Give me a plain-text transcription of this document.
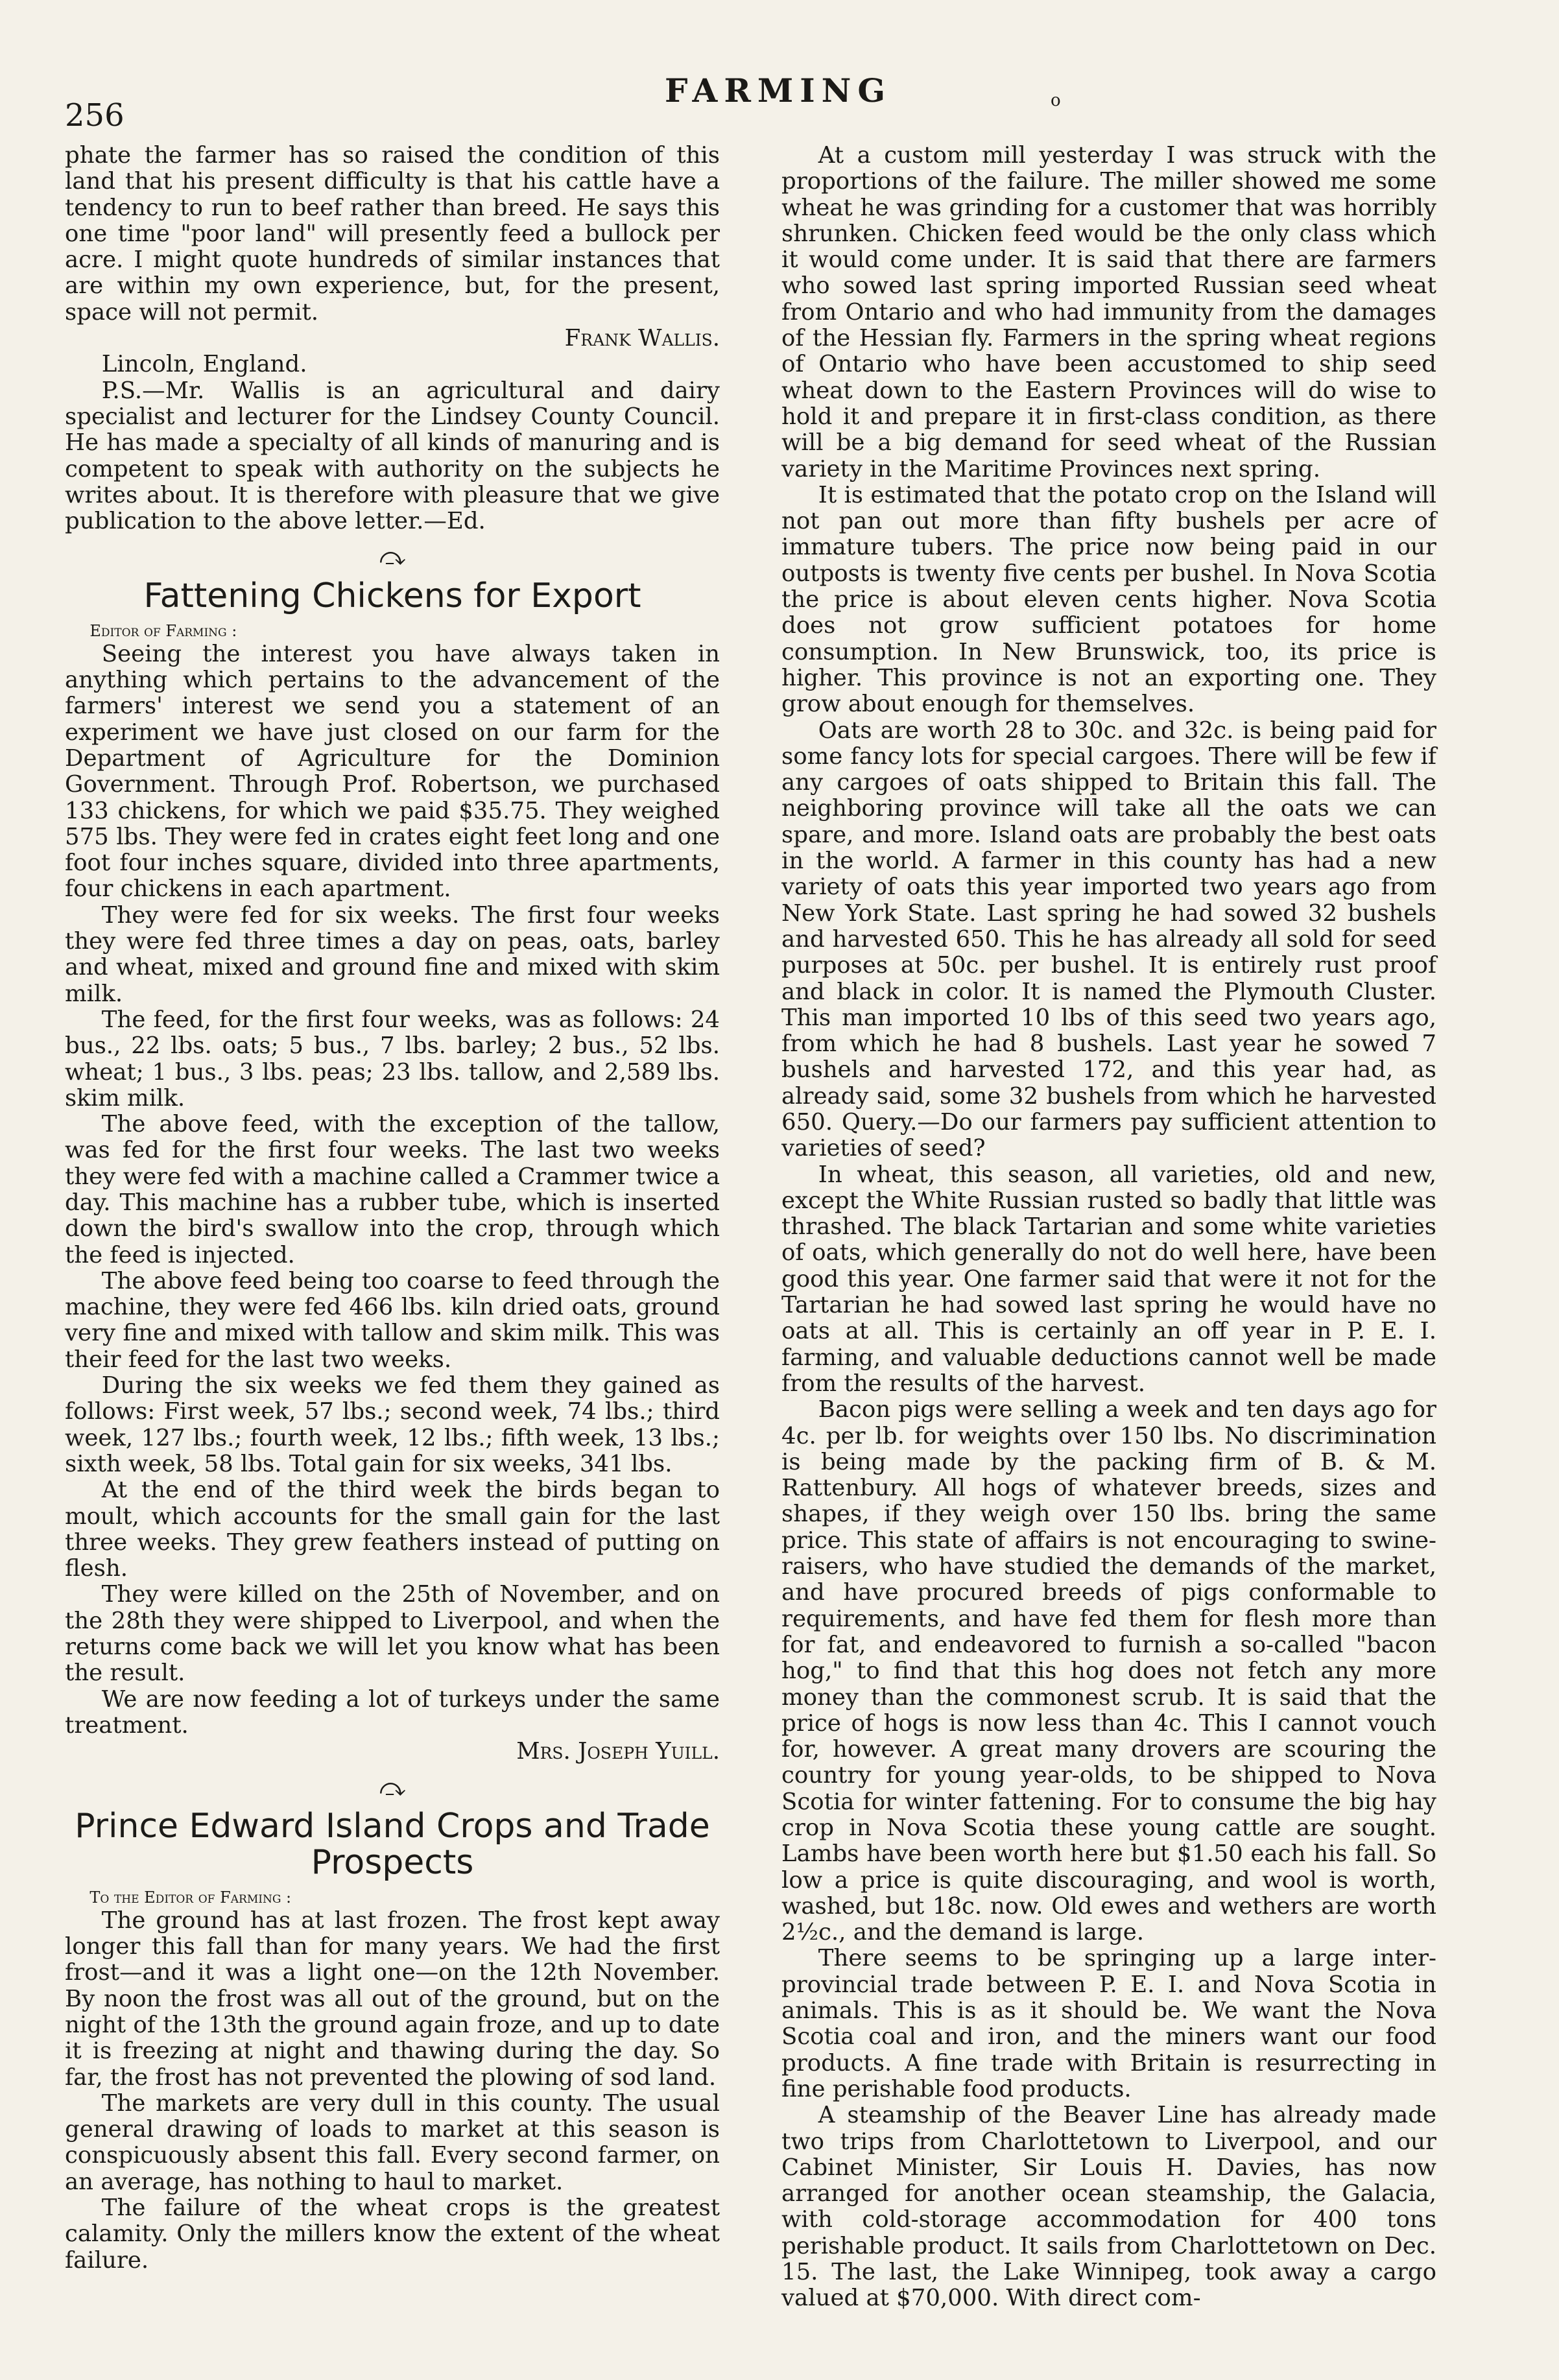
256
FARMING	o

phate the farmer has so raised the condition of this land that his present difficulty is that his cattle have a tendency to run to beef rather than breed. He says this one time "poor land" will presently feed a bullock per acre. I might quote hundreds of similar instances that are within my own experience, but, for the present, space will not permit.

Frank Wallis.

Lincoln, England.

P.S.—Mr. Wallis is an agricultural and dairy specialist and lecturer for the Lindsey County Council. He has made a specialty of all kinds of manuring and is competent to speak with authority on the subjects he writes about. It is therefore with pleasure that we give publication to the above letter.—Ed.

⤼
Fattening Chickens for Export

Editor of Farming :

Seeing the interest you have always taken in anything which pertains to the advancement of the farmers' interest we send you a statement of an experiment we have just closed on our farm for the Department of Agriculture for the Dominion Government. Through Prof. Robertson, we purchased 133 chickens, for which we paid $35.75. They weighed 575 lbs. They were fed in crates eight feet long and one foot four inches square, divided into three apartments, four chickens in each apartment.

They were fed for six weeks. The first four weeks they were fed three times a day on peas, oats, barley and wheat, mixed and ground fine and mixed with skim milk.

The feed, for the first four weeks, was as follows: 24 bus., 22 lbs. oats; 5 bus., 7 lbs. barley; 2 bus., 52 lbs. wheat; 1 bus., 3 lbs. peas; 23 lbs. tallow, and 2,589 lbs. skim milk.

The above feed, with the exception of the tallow, was fed for the first four weeks. The last two weeks they were fed with a machine called a Crammer twice a day. This machine has a rubber tube, which is inserted down the bird's swallow into the crop, through which the feed is injected.

The above feed being too coarse to feed through the machine, they were fed 466 lbs. kiln dried oats, ground very fine and mixed with tallow and skim milk. This was their feed for the last two weeks.

During the six weeks we fed them they gained as follows: First week, 57 lbs.; second week, 74 lbs.; third week, 127 lbs.; fourth week, 12 lbs.; fifth week, 13 lbs.; sixth week, 58 lbs. Total gain for six weeks, 341 lbs.

At the end of the third week the birds began to moult, which accounts for the small gain for the last three weeks. They grew feathers instead of putting on flesh.

They were killed on the 25th of November, and on the 28th they were shipped to Liverpool, and when the returns come back we will let you know what has been the result.

We are now feeding a lot of turkeys under the same treatment.

Mrs. Joseph Yuill.

⤼
Prince Edward Island Crops and Trade Prospects

To the Editor of Farming :

The ground has at last frozen. The frost kept away longer this fall than for many years. We had the first frost—and it was a light one—on the 12th November. By noon the frost was all out of the ground, but on the night of the 13th the ground again froze, and up to date it is freezing at night and thawing during the day. So far, the frost has not prevented the plowing of sod land.

The markets are very dull in this county. The usual general drawing of loads to market at this season is conspicuously absent this fall. Every second farmer, on an average, has nothing to haul to market.

The failure of the wheat crops is the greatest calamity. Only the millers know the extent of the wheat failure.

At a custom mill yesterday I was struck with the proportions of the failure. The miller showed me some wheat he was grinding for a customer that was horribly shrunken. Chicken feed would be the only class which it would come under. It is said that there are farmers who sowed last spring imported Russian seed wheat from Ontario and who had immunity from the damages of the Hessian fly. Farmers in the spring wheat regions of Ontario who have been accustomed to ship seed wheat down to the Eastern Provinces will do wise to hold it and prepare it in first-class condition, as there will be a big demand for seed wheat of the Russian variety in the Maritime Provinces next spring.

It is estimated that the potato crop on the Island will not pan out more than fifty bushels per acre of immature tubers. The price now being paid in our outposts is twenty five cents per bushel. In Nova Scotia the price is about eleven cents higher. Nova Scotia does not grow sufficient potatoes for home consumption. In New Brunswick, too, its price is higher. This province is not an exporting one. They grow about enough for themselves.

Oats are worth 28 to 30c. and 32c. is being paid for some fancy lots for special cargoes. There will be few if any cargoes of oats shipped to Britain this fall. The neighboring province will take all the oats we can spare, and more. Island oats are probably the best oats in the world. A farmer in this county has had a new variety of oats this year imported two years ago from New York State. Last spring he had sowed 32 bushels and harvested 650. This he has already all sold for seed purposes at 50c. per bushel. It is entirely rust proof and black in color. It is named the Plymouth Cluster. This man imported 10 lbs of this seed two years ago, from which he had 8 bushels. Last year he sowed 7 bushels and harvested 172, and this year had, as already said, some 32 bushels from which he harvested 650. Query.—Do our farmers pay sufficient attention to varieties of seed?

In wheat, this season, all varieties, old and new, except the White Russian rusted so badly that little was thrashed. The black Tartarian and some white varieties of oats, which generally do not do well here, have been good this year. One farmer said that were it not for the Tartarian he had sowed last spring he would have no oats at all. This is certainly an off year in P. E. I. farming, and valuable deductions cannot well be made from the results of the harvest.

Bacon pigs were selling a week and ten days ago for 4c. per lb. for weights over 150 lbs. No discrimination is being made by the packing firm of B. & M. Rattenbury. All hogs of whatever breeds, sizes and shapes, if they weigh over 150 lbs. bring the same price. This state of affairs is not encouraging to swine-raisers, who have studied the demands of the market, and have procured breeds of pigs conformable to requirements, and have fed them for flesh more than for fat, and endeavored to furnish a so-called "bacon hog," to find that this hog does not fetch any more money than the commonest scrub. It is said that the price of hogs is now less than 4c. This I cannot vouch for, however. A great many drovers are scouring the country for young year-olds, to be shipped to Nova Scotia for winter fattening. For to consume the big hay crop in Nova Scotia these young cattle are sought. Lambs have been worth here but $1.50 each his fall. So low a price is quite discouraging, and wool is worth, washed, but 18c. now. Old ewes and wethers are worth 2½c., and the demand is large.

There seems to be springing up a large inter-provincial trade between P. E. I. and Nova Scotia in animals. This is as it should be. We want the Nova Scotia coal and iron, and the miners want our food products. A fine trade with Britain is resurrecting in fine perishable food products.

A steamship of the Beaver Line has already made two trips from Charlottetown to Liverpool, and our Cabinet Minister, Sir Louis H. Davies, has now arranged for another ocean steamship, the Galacia, with cold-storage accommodation for 400 tons perishable product. It sails from Charlottetown on Dec. 15. The last, the Lake Winnipeg, took away a cargo valued at $70,000. With direct com-
